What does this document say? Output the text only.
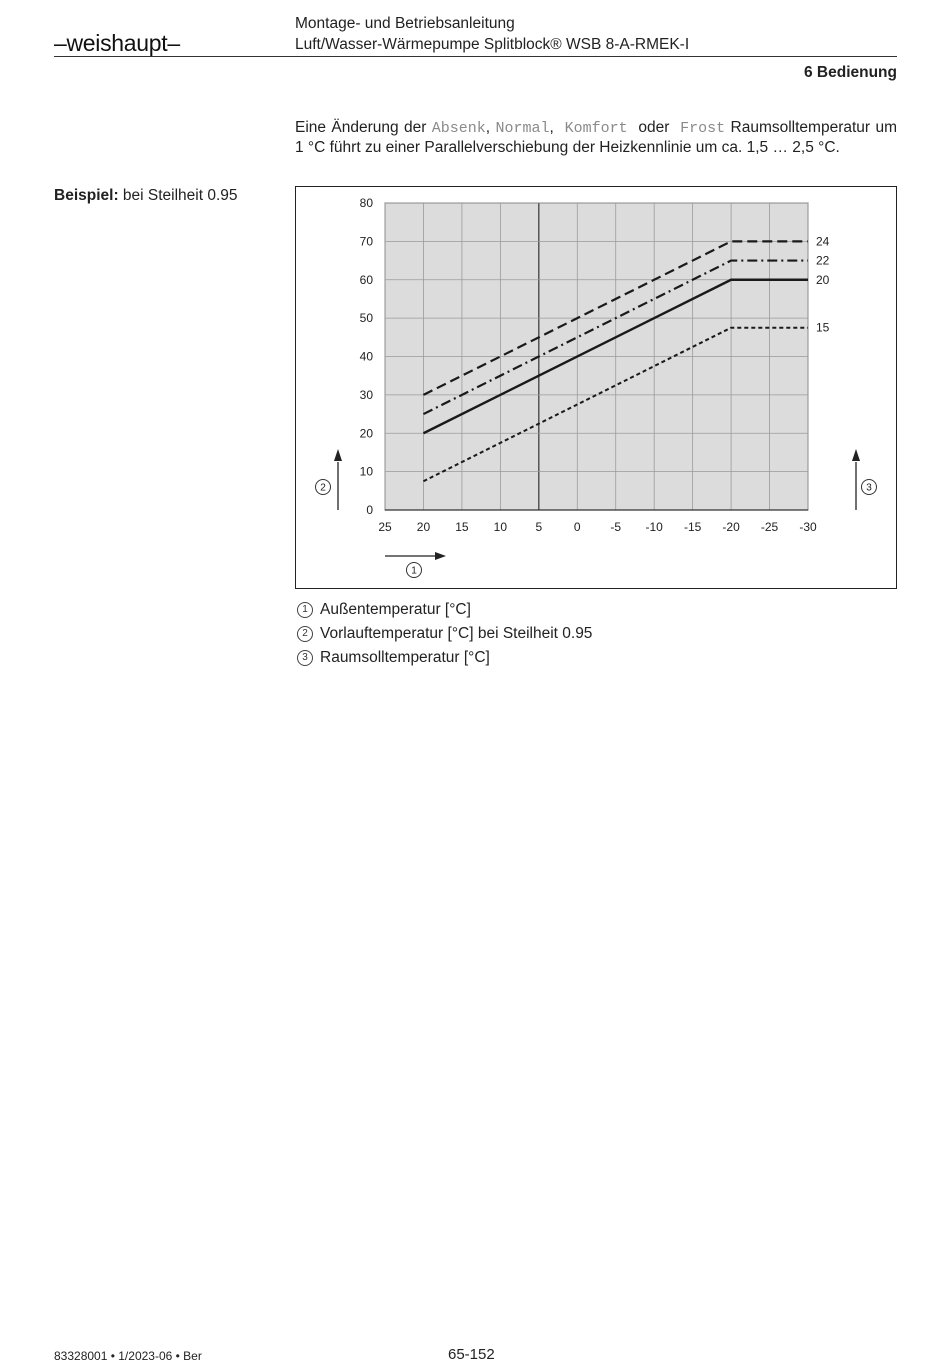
–weishaupt–
Montage- und Betriebsanleitung
Luft/Wasser-Wärmepumpe Splitblock® WSB 8-A-RMEK-I
6 Bedienung
Eine Änderung der Absenk, Normal,  Komfort  oder  Frost Raumsolltemperatur um 1 °C führt zu einer Parallelverschiebung der Heizkennlinie um ca. 1,5 … 2,5 °C.
Beispiel: bei Steilheit 0.95
25 20 15 10 5	0 -5 -10 -15 -20 -25 -30
80
70
60
50
40
30
20
10
0
24
22
20
15
1
2	3
1 Außentemperatur [°C]
2 Vorlauftemperatur [°C] bei Steilheit 0.95
3 Raumsolltemperatur [°C]
83328001 • 1/2023-06 • Ber	65-152
